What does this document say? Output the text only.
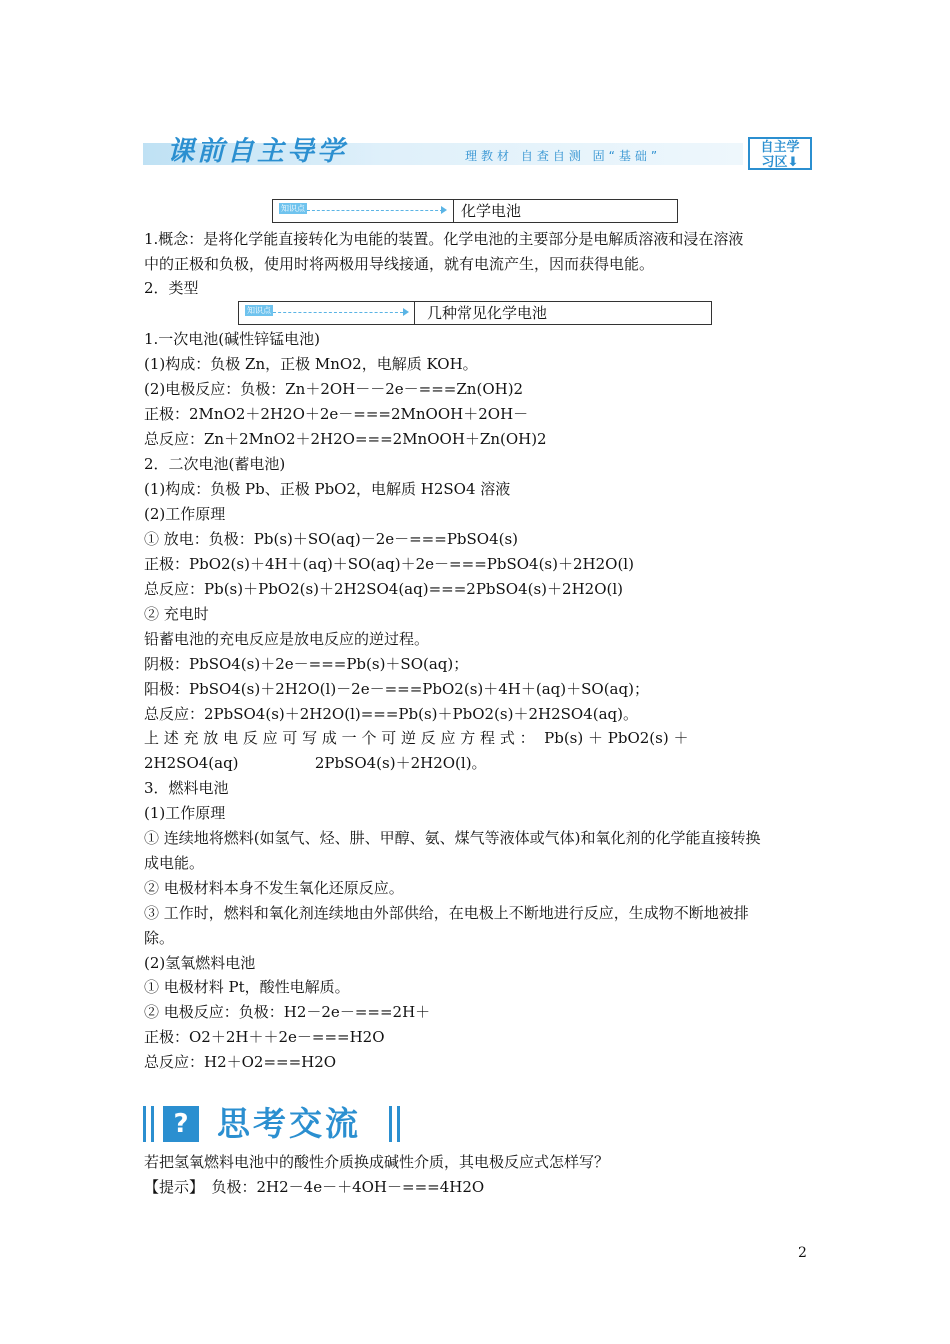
课前自主导学	理教材 自查自测 固“基础”
自主学
习区⬇
知识点1	化学电池
1.概念：是将化学能直接转化为电能的装置。化学电池的主要部分是电解质溶液和浸在溶液
中的正极和负极，使用时将两极用导线接通，就有电流产生，因而获得电能。
2．类型
知识点2	几种常见化学电池
1.一次电池(碱性锌锰电池)
(1)构成：负极 Zn，正极 MnO2，电解质 KOH。
(2)电极反应：负极：Zn＋2OH－－2e－===Zn(OH)2
正极：2MnO2＋2H2O＋2e－===2MnOOH＋2OH－
总反应：Zn＋2MnO2＋2H2O===2MnOOH＋Zn(OH)2
2．二次电池(蓄电池)
(1)构成：负极 Pb、正极 PbO2，电解质 H2SO4 溶液
(2)工作原理
① 放电：负极：Pb(s)＋SO(aq)－2e－===PbSO4(s)
正极：PbO2(s)＋4H＋(aq)＋SO(aq)＋2e－===PbSO4(s)＋2H2O(l)
总反应：Pb(s)＋PbO2(s)＋2H2SO4(aq)===2PbSO4(s)＋2H2O(l)
② 充电时
铅蓄电池的充电反应是放电反应的逆过程。
阴极：PbSO4(s)＋2e－===Pb(s)＋SO(aq)；
阳极：PbSO4(s)＋2H2O(l)－2e－===PbO2(s)＋4H＋(aq)＋SO(aq)；
总反应：2PbSO4(s)＋2H2O(l)===Pb(s)＋PbO2(s)＋2H2SO4(aq)。
上 述 充 放 电 反 应 可 写 成 一 个 可 逆 反 应 方 程 式 ：  Pb(s) ＋ PbO2(s) ＋
2H2SO4(aq)                2PbSO4(s)＋2H2O(l)。
3．燃料电池
(1)工作原理
① 连续地将燃料(如氢气、烃、肼、甲醇、氨、煤气等液体或气体)和氧化剂的化学能直接转换
成电能。
② 电极材料本身不发生氧化还原反应。
③ 工作时，燃料和氧化剂连续地由外部供给，在电极上不断地进行反应，生成物不断地被排
除。
(2)氢氧燃料电池
① 电极材料 Pt，酸性电解质。
② 电极反应：负极：H2－2e－===2H＋
正极：O2＋2H＋＋2e－===H2O
总反应：H2＋O2===H2O
? 思考交流
若把氢氧燃料电池中的酸性介质换成碱性介质，其电极反应式怎样写？
【提示】　负极：2H2－4e－＋4OH－===4H2O
2
